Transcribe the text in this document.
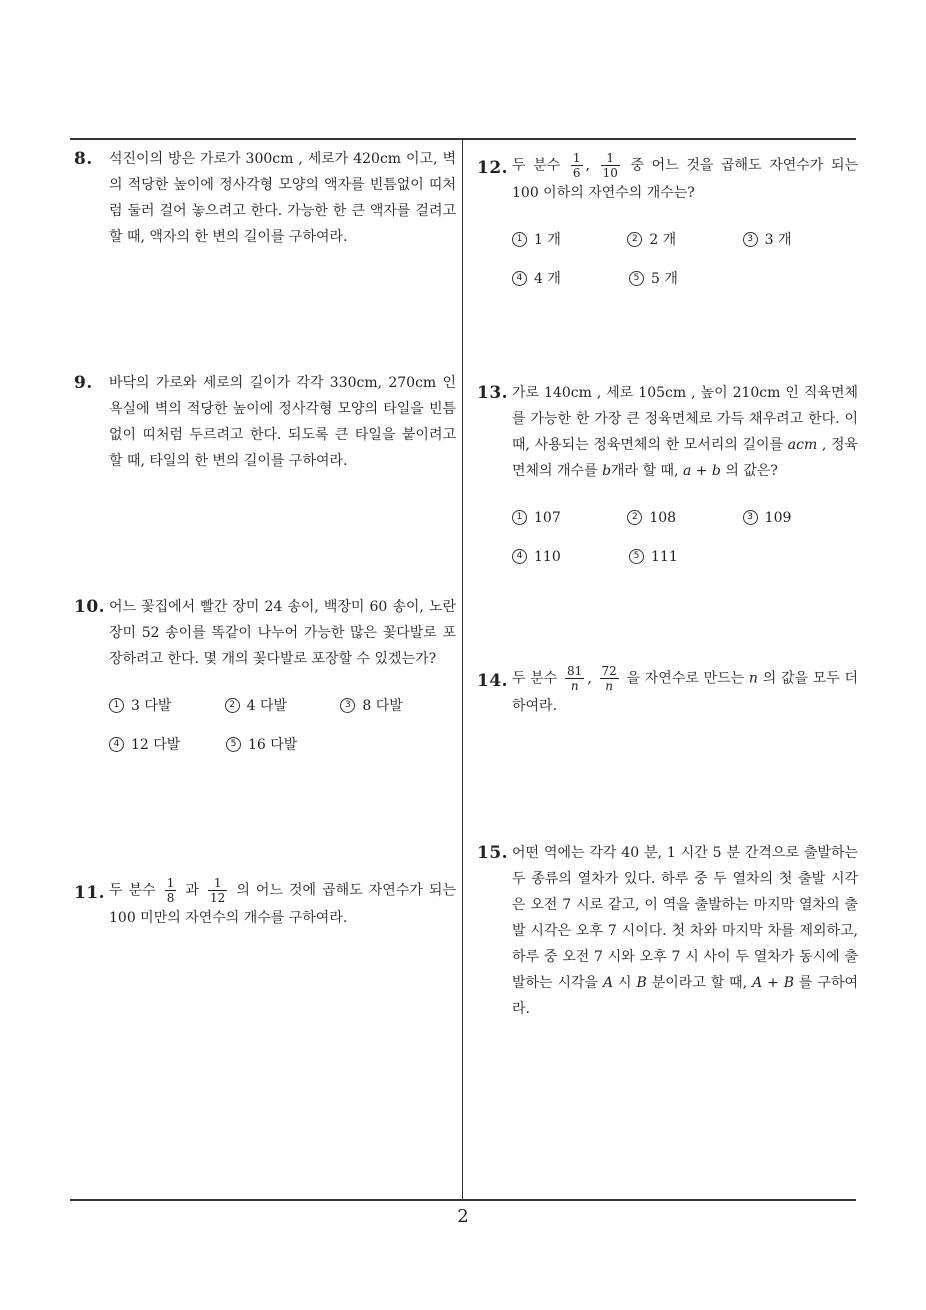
8. 석진이의 방은 가로가 300cm , 세로가 420cm 이고, 벽의 적당한 높이에 정사각형 모양의 액자를 빈틈없이 띠처럼 둘러 걸어 놓으려고 한다. 가능한 한 큰 액자를 걸려고 할 때, 액자의 한 변의 길이를 구하여라.

9. 바닥의 가로와 세로의 길이가 각각 330cm, 270cm 인 욕실에 벽의 적당한 높이에 정사각형 모양의 타일을 빈틈없이 띠처럼 두르려고 한다. 되도록 큰 타일을 붙이려고 할 때, 타일의 한 변의 길이를 구하여라.

10. 어느 꽃집에서 빨간 장미 24 송이, 백장미 60 송이, 노란 장미 52 송이를 똑같이 나누어 가능한 많은 꽃다발로 포장하려고 한다. 몇 개의 꽃다발로 포장할 수 있겠는가?

1 3 다발	2 4 다발	3 8 다발
4 12 다발	5 16 다발
11. 두 분수 $\frac{1}{8}$ 과 $\frac{1}{12}$ 의 어느 것에 곱해도 자연수가 되는 100 미만의 자연수의 개수를 구하여라.
12. 두 분수 $\frac{1}{6}$ , $\frac{1}{10}$ 중 어느 것을 곱해도 자연수가 되는 100 이하의 자연수의 개수는?
1 1 개	2 2 개	3 3 개
4 4 개	5 5 개
13. 가로 140cm , 세로 105cm , 높이 210cm 인 직육면체를 가능한 한 가장 큰 정육면체로 가득 채우려고 한다. 이때, 사용되는 정육면체의 한 모서리의 길이를 acm , 정육면체의 개수를 b개라 할 때, a + b 의 값은?
1 107	2 108	3 109
4 110	5 111
14. 두 분수 $\frac{81}{n}$ , $\frac{72}{n}$ 을 자연수로 만드는 n 의 값을 모두 더하여라.
15. 어떤 역에는 각각 40 분, 1 시간 5 분 간격으로 출발하는 두 종류의 열차가 있다. 하루 중 두 열차의 첫 출발 시각은 오전 7 시로 같고, 이 역을 출발하는 마지막 열차의 출발 시각은 오후 7 시이다. 첫 차와 마지막 차를 제외하고, 하루 중 오전 7 시와 오후 7 시 사이 두 열차가 동시에 출발하는 시각을 A 시 B 분이라고 할 때, A + B 를 구하여라.
2
